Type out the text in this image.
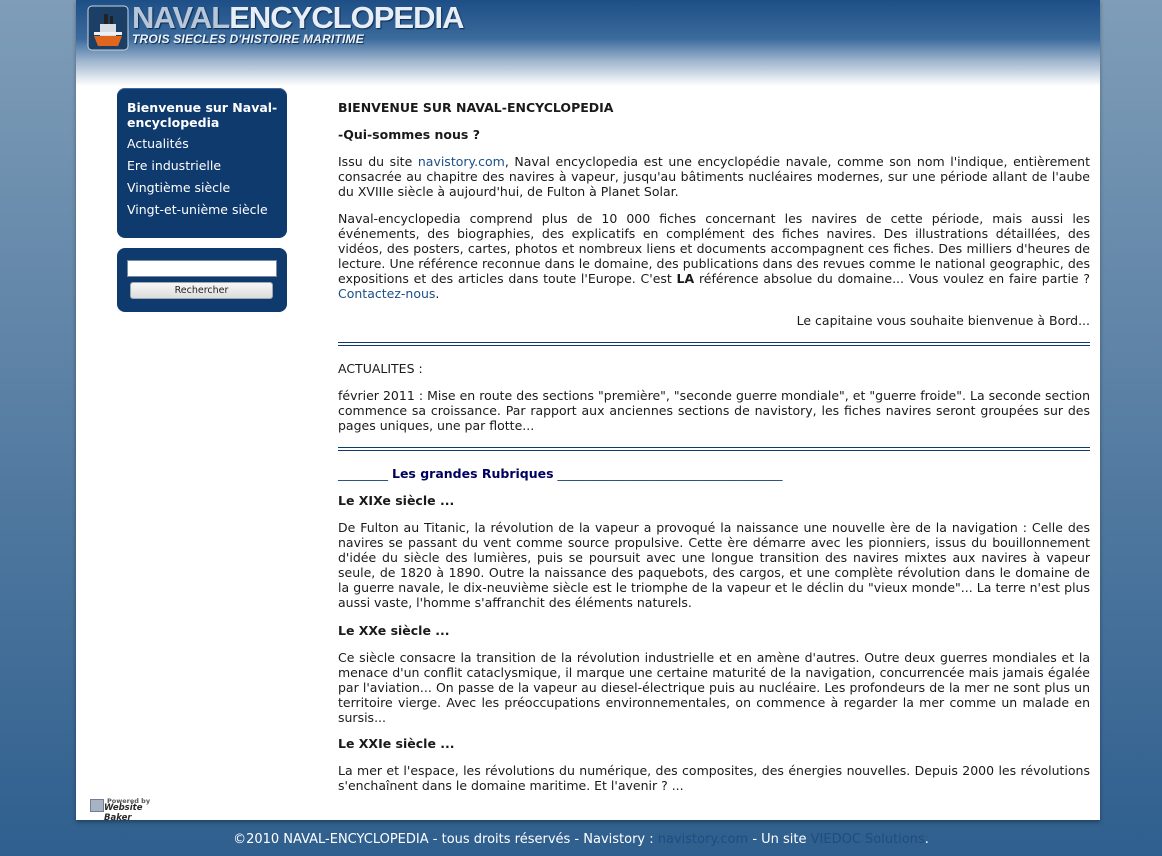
NAVALENCYCLOPEDIA
TROIS SIECLES D'HISTOIRE MARITIME
Bienvenue sur Naval-encyclopedia
Actualités
Ere industrielle
Vingtième siècle
Vingt-et-unième siècle
Rechercher

BIENVENUE SUR NAVAL-ENCYCLOPEDIA

-Qui-sommes nous ?

Issu du site navistory.com, Naval encyclopedia est une encyclopédie navale, comme son nom l'indique, entièrement consacrée au chapitre des navires à vapeur, jusqu'au bâtiments nucléaires modernes, sur une période allant de l'aube du XVIIIe siècle à aujourd'hui, de Fulton à Planet Solar.

Naval-encyclopedia comprend plus de 10 000 fiches concernant les navires de cette période, mais aussi les événements, des biographies, des explicatifs en complément des fiches navires. Des illustrations détaillées, des vidéos, des posters, cartes, photos et nombreux liens et documents accompagnent ces fiches. Des milliers d'heures de lecture. Une référence reconnue dans le domaine, des publications dans des revues comme le national geographic, des expositions et des articles dans toute l'Europe. C'est LA référence absolue du domaine... Vous voulez en faire partie ? Contactez-nous.

Le capitaine vous souhaite bienvenue à Bord...

ACTUALITES :

février 2011 : Mise en route des sections "première", "seconde guerre mondiale", et "guerre froide". La seconde section commence sa croissance. Par rapport aux anciennes sections de navistory, les fiches navires seront groupées sur des pages uniques, une par flotte...

________ Les grandes Rubriques ____________________________________

Le XIXe siècle ...

De Fulton au Titanic, la révolution de la vapeur a provoqué la naissance une nouvelle ère de la navigation : Celle des navires se passant du vent comme source propulsive. Cette ère démarre avec les pionniers, issus du bouillonnement d'idée du siècle des lumières, puis se poursuit avec une longue transition des navires mixtes aux navires à vapeur seule, de 1820 à 1890. Outre la naissance des paquebots, des cargos, et une complète révolution dans le domaine de la guerre navale, le dix-neuvième siècle est le triomphe de la vapeur et le déclin du "vieux monde"... La terre n'est plus aussi vaste, l'homme s'affranchit des éléments naturels.

Le XXe siècle ...

Ce siècle consacre la transition de la révolution industrielle et en amène d'autres. Outre deux guerres mondiales et la menace d'un conflit cataclysmique, il marque une certaine maturité de la navigation, concurrencée mais jamais égalée par l'aviation... On passe de la vapeur au diesel-électrique puis au nucléaire. Les profondeurs de la mer ne sont plus un territoire vierge. Avec les préoccupations environnementales, on commence à regarder la mer comme un malade en sursis...

Le XXIe siècle ...

La mer et l'espace, les révolutions du numérique, des composites, des énergies nouvelles. Depuis 2000 les révolutions s'enchaînent dans le domaine maritime. Et l'avenir ? ...

Powered by
Website Baker
©2010 NAVAL-ENCYCLOPEDIA - tous droits réservés - Navistory : navistory.com - Un site VIEDOC Solutions.
